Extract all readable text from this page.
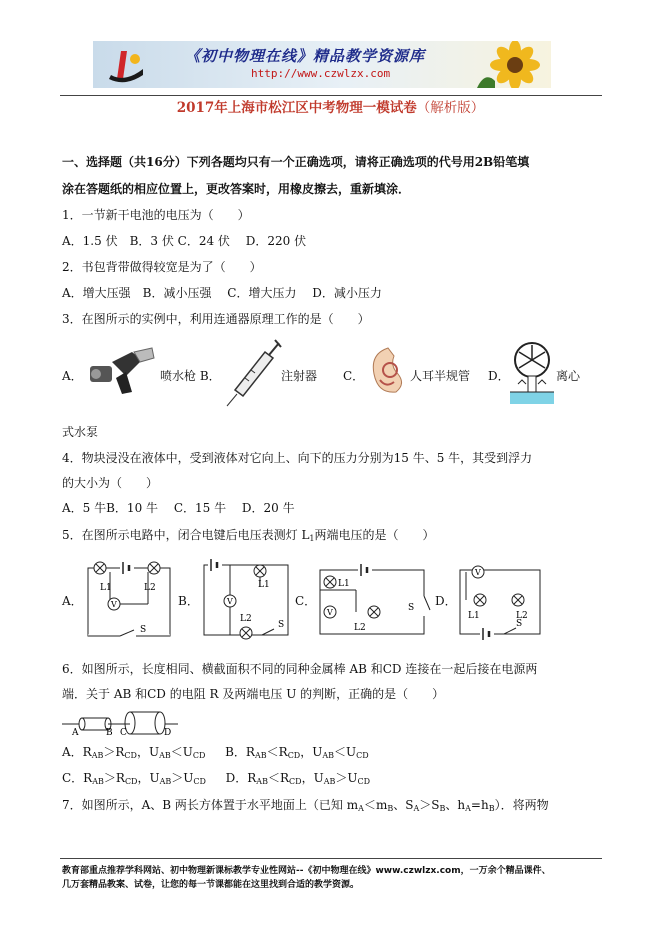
《初中物理在线》精品教学资源库
http://www.czwlzx.com
2017年上海市松江区中考物理一模试卷（解析版）
一、选择题（共16分）下列各题均只有一个正确选项，请将正确选项的代号用2B铅笔填
涂在答题纸的相应位置上，更改答案时，用橡皮擦去，重新填涂．
1．一节新干电池的电压为（　　）
A．1.5 伏　B．3 伏 C．24 伏　 D．220 伏
2．书包背带做得较宽是为了（　　）
A．增大压强　B．减小压强　 C．增大压力　 D．减小压力
3．在图所示的实例中，利用连通器原理工作的是（　　）
A．	喷水枪 B．	注射器 C．	人耳半规管 D．	离心
式水泵
4．物块浸没在液体中，受到液体对它向上、向下的压力分别为15 牛、5 牛，其受到浮力
的大小为（　　）
A．5 牛B．10 牛　 C．15 牛　 D．20 牛
5．在图所示电路中，闭合电键后电压表测灯 $L_1$两端电压的是（　　）
A．	V
L1	L2
S
B．	V
L1
L2
S
C．
V
L1
L2
S D．
V
L1	L2
S
6．如图所示，长度相同、横截面积不同的同种金属棒 AB 和CD 连接在一起后接在电源两
端．关于 AB 和CD 的电阻 R 及两端电压 U 的判断，正确的是（　　）
A	B C	D
A．$R_{AB}>R_{CD}$，$U_{AB}<U_{CD}$ B．$R_{AB}<R_{CD}$，$U_{AB}<U_{CD}$
C．$R_{AB}>R_{CD}$，$U_{AB}>U_{CD}$ D．$R_{AB}<R_{CD}$，$U_{AB}>U_{CD}$
7．如图所示，A、B 两长方体置于水平地面上（已知 $m_A<m_B$、$S_A>S_B$、$h_A=h_B$）．将两物
教育部重点推荐学科网站、初中物理新课标教学专业性网站--《初中物理在线》www.czwlzx.com，一万余个精品课件、
几万套精品教案、试卷，让您的每一节课都能在这里找到合适的教学资源。
